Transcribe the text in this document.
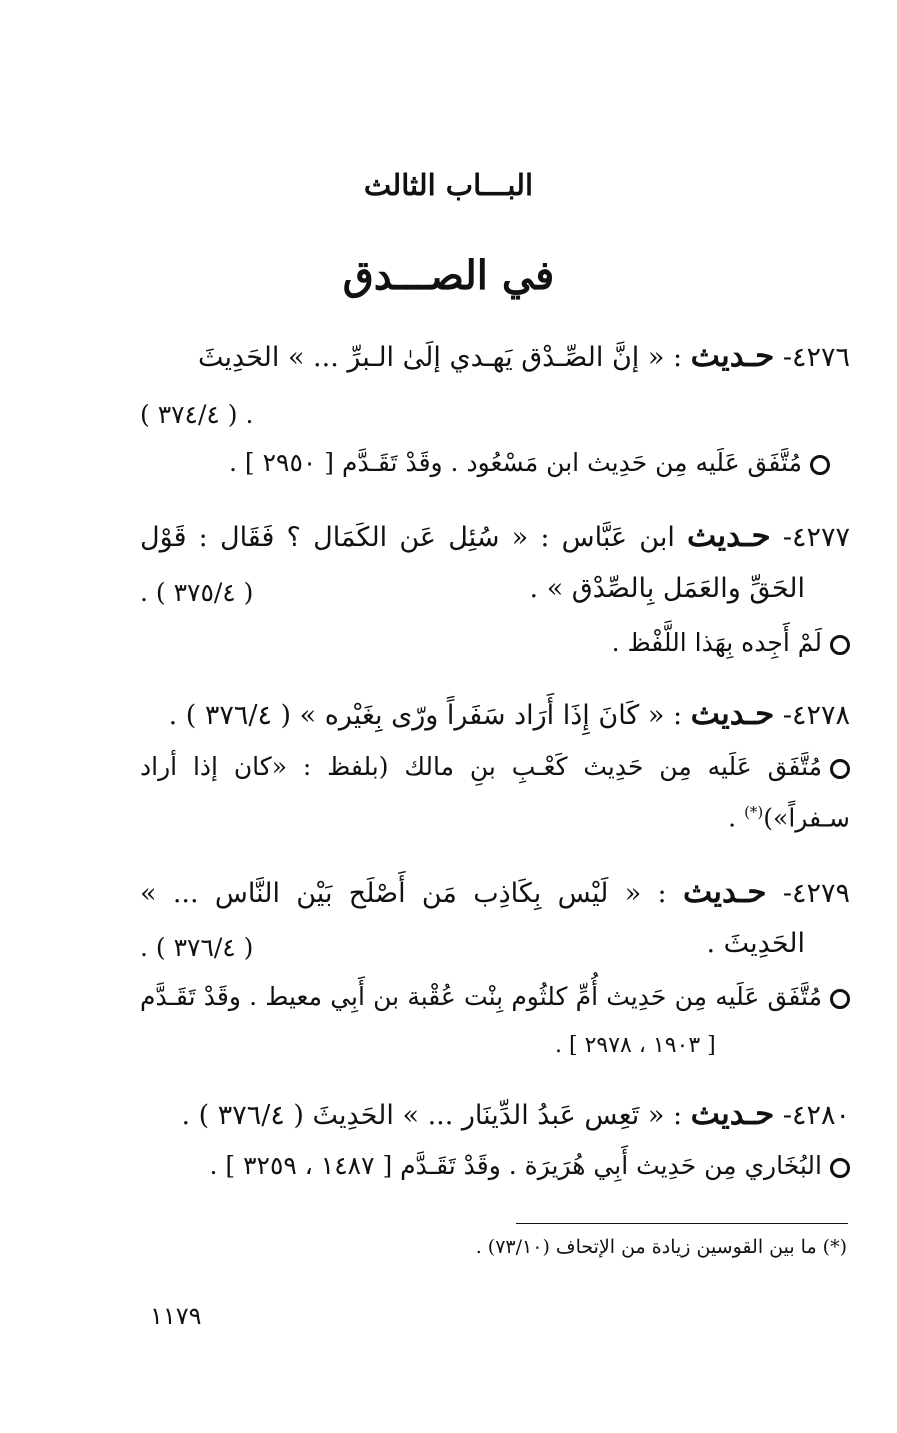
البـــاب الثالث
في الصـــدق
٤٢٧٦- حـديث : « إنَّ الصِّـدْق يَهـدي إلَىٰ الـبرِّ ... » الحَدِيثَ
. ( ٣٧٤/٤ )
مُتَّفَق عَلَيه مِن حَدِيث ابن مَسْعُود . وقَدْ تَقَـدَّم [ ٢٩٥٠ ] .
٤٢٧٧- حـديث ابن عَبَّاس : « سُئِل عَن الكَمَال ؟ فَقَال : قَوْل
الحَقِّ والعَمَل بِالصِّدْق » .
( ٣٧٥/٤ ) .
لَمْ أَجِده بِهَذا اللَّفْظ .
٤٢٧٨- حـديث : « كَانَ إِذَا أَرَاد سَفَراً ورّى بِغَيْره » ( ٣٧٦/٤ ) .
مُتَّفَق عَلَيه مِن حَدِيث كَعْـبِ بنِ مالك (بلفظ : «كان إذا أراد
سـفراً»)(*) .
٤٢٧٩- حـديث : « لَيْس بِكَاذِب مَن أَصْلَح بَيْن النَّاس ... »
الحَدِيثَ .
( ٣٧٦/٤ ) .
مُتَّفَق عَلَيه مِن حَدِيث أُمِّ كلثُوم بِنْت عُقْبة بن أَبِي معيط . وقَدْ تَقَـدَّم
[ ١٩٠٣ ، ٢٩٧٨ ] .
٤٢٨٠- حـديث : « تَعِس عَبدُ الدِّينَار ... » الحَدِيثَ ( ٣٧٦/٤ ) .
البُخَاري مِن حَدِيث أَبِي هُرَيرَة . وقَدْ تَقَـدَّم [ ١٤٨٧ ، ٣٢٥٩ ] .
(*) ما بين القوسين زيادة من الإتحاف (٧٣/١٠) .
١١٧٩
